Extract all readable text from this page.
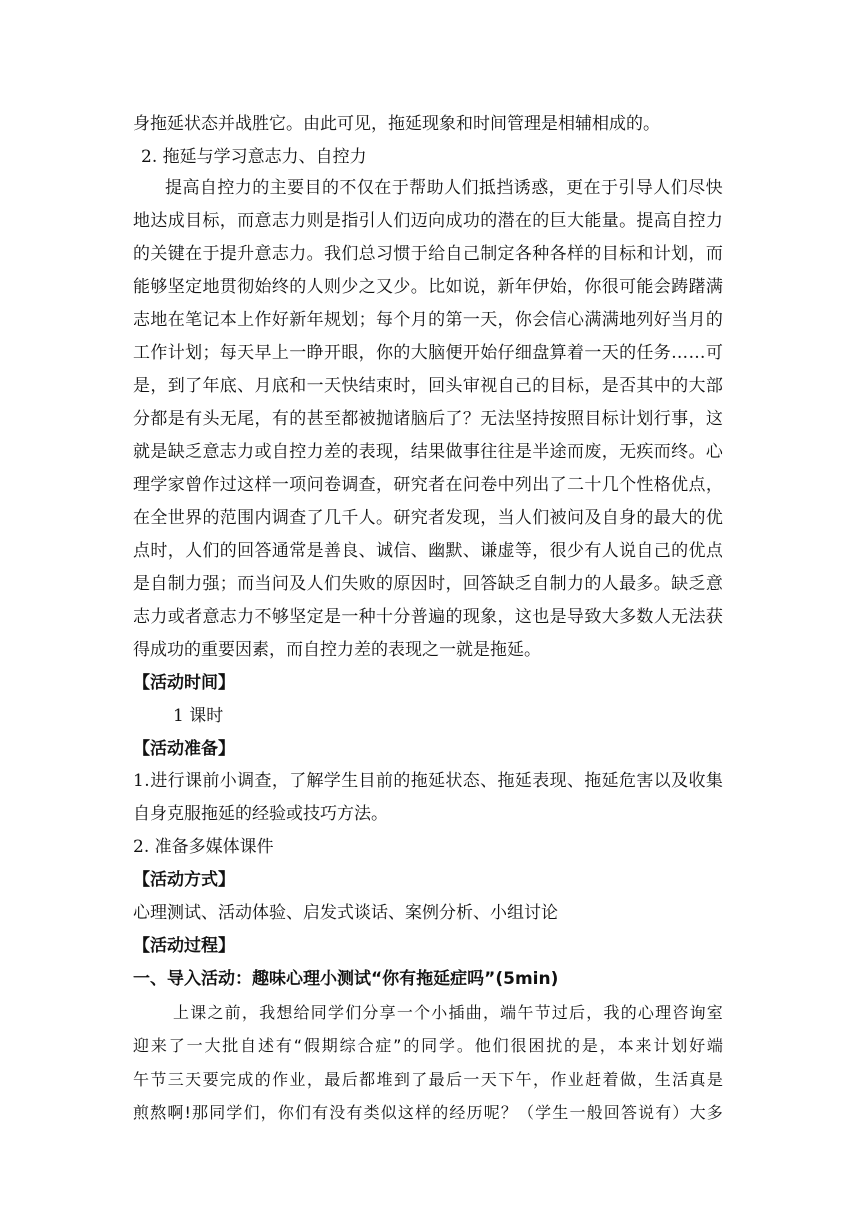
身拖延状态并战胜它。由此可见，拖延现象和时间管理是相辅相成的。
2. 拖延与学习意志力、自控力
提 高 自 控 力 的 主 要 目 的 不 仅 在 于 帮 助 人 们 抵 挡 诱 惑 ， 更 在 于 引 导 人 们 尽 快
地 达 成 目 标 ， 而 意 志 力 则 是 指 引 人 们 迈 向 成 功 的 潜 在 的 巨 大 能 量 。 提 高 自 控 力
的 关 键 在 于 提 升 意 志 力 。 我 们 总 习 惯 于 给 自 己 制 定 各 种 各 样 的 目 标 和 计 划 ， 而
能 够 坚 定 地 贯 彻 始 终 的 人 则 少 之 又 少 。 比 如 说 ， 新 年 伊 始 ， 你 很 可 能 会 踌 躇 满
志 地 在 笔 记 本 上 作 好 新 年 规 划 ； 每 个 月 的 第 一 天 ， 你 会 信 心 满 满 地 列 好 当 月 的
工 作 计 划 ； 每 天 早 上 一 睁 开 眼 ， 你 的 大 脑 便 开 始 仔 细 盘 算 着 一 天 的 任 务 … … 可
是 ， 到 了 年 底 、 月 底 和 一 天 快 结 束 时 ， 回 头 审 视 自 己 的 目 标 ， 是 否 其 中 的 大 部
分 都 是 有 头 无 尾 ， 有 的 甚 至 都 被 抛 诸 脑 后 了 ？ 无 法 坚 持 按 照 目 标 计 划 行 事 ， 这
就 是 缺 乏 意 志 力 或 自 控 力 差 的 表 现 ， 结 果 做 事 往 往 是 半 途 而 废 ， 无 疾 而 终 。 心
理 学 家 曾 作 过 这 样 一 项 问 卷 调 查 ， 研 究 者 在 问 卷 中 列 出 了 二 十 几 个 性 格 优 点 ，
在 全 世 界 的 范 围 内 调 查 了 几 千 人 。 研 究 者 发 现 ， 当 人 们 被 问 及 自 身 的 最 大 的 优
点 时 ， 人 们 的 回 答 通 常 是 善 良 、 诚 信 、 幽 默 、 谦 虚 等 ， 很 少 有 人 说 自 己 的 优 点
是 自 制 力 强 ； 而 当 问 及 人 们 失 败 的 原 因 时 ， 回 答 缺 乏 自 制 力 的 人 最 多 。 缺 乏 意
志 力 或 者 意 志 力 不 够 坚 定 是 一 种 十 分 普 遍 的 现 象 ， 这 也 是 导 致 大 多 数 人 无 法 获
得成功的重要因素，而自控力差的表现之一就是拖延。
【活动时间】
1 课时
【活动准备】
1 . 进 行 课 前 小 调 查 ， 了 解 学 生 目 前 的 拖 延 状 态 、 拖 延 表 现 、 拖 延 危 害 以 及 收 集
自身克服拖延的经验或技巧方法。
2. 准备多媒体课件
【活动方式】
心理测试、活动体验、启发式谈话、案例分析、小组讨论
【活动过程】
一、导入活动：趣味心理小测试“你有拖延症吗”(5min)
上 课 之 前 ， 我 想 给 同 学 们 分 享 一 个 小 插 曲 ， 端 午 节 过 后 ， 我 的 心 理 咨 询 室
迎 来 了 一 大 批 自 述 有 “ 假 期 综 合 症 ” 的 同 学 。 他 们 很 困 扰 的 是 ， 本 来 计 划 好 端
午 节 三 天 要 完 成 的 作 业 ， 最 后 都 堆 到 了 最 后 一 天 下 午 ， 作 业 赶 着 做 ， 生 活 真 是
煎 熬 啊 ! 那 同 学 们 ， 你 们 有 没 有 类 似 这 样 的 经 历 呢 ？ （ 学 生 一 般 回 答 说 有 ） 大 多
